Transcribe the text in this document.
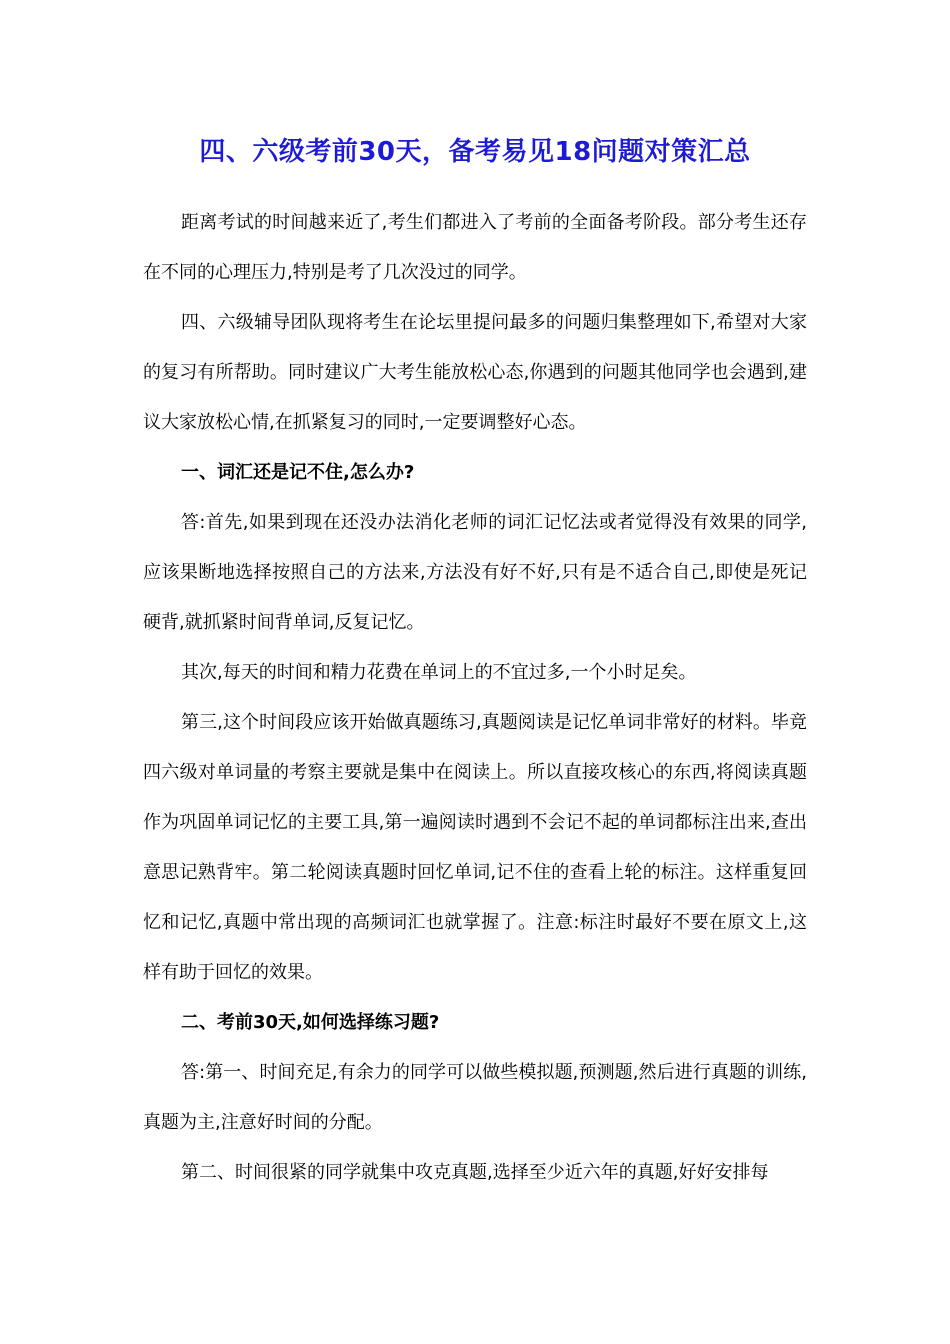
四、六级考前30天，备考易见18问题对策汇总

距离考试的时间越来近了,考生们都进入了考前的全面备考阶段。部分考生还存在不同的心理压力,特别是考了几次没过的同学。

四、六级辅导团队现将考生在论坛里提问最多的问题归集整理如下,希望对大家的复习有所帮助。同时建议广大考生能放松心态,你遇到的问题其他同学也会遇到,建议大家放松心情,在抓紧复习的同时,一定要调整好心态。

一、词汇还是记不住,怎么办?

答:首先,如果到现在还没办法消化老师的词汇记忆法或者觉得没有效果的同学,应该果断地选择按照自己的方法来,方法没有好不好,只有是不适合自己,即使是死记硬背,就抓紧时间背单词,反复记忆。

其次,每天的时间和精力花费在单词上的不宜过多,一个小时足矣。

第三,这个时间段应该开始做真题练习,真题阅读是记忆单词非常好的材料。毕竟四六级对单词量的考察主要就是集中在阅读上。所以直接攻核心的东西,将阅读真题作为巩固单词记忆的主要工具,第一遍阅读时遇到不会记不起的单词都标注出来,查出意思记熟背牢。第二轮阅读真题时回忆单词,记不住的查看上轮的标注。这样重复回忆和记忆,真题中常出现的高频词汇也就掌握了。注意:标注时最好不要在原文上,这样有助于回忆的效果。

二、考前30天,如何选择练习题?

答:第一、时间充足,有余力的同学可以做些模拟题,预测题,然后进行真题的训练,真题为主,注意好时间的分配。

第二、时间很紧的同学就集中攻克真题,选择至少近六年的真题,好好安排每
